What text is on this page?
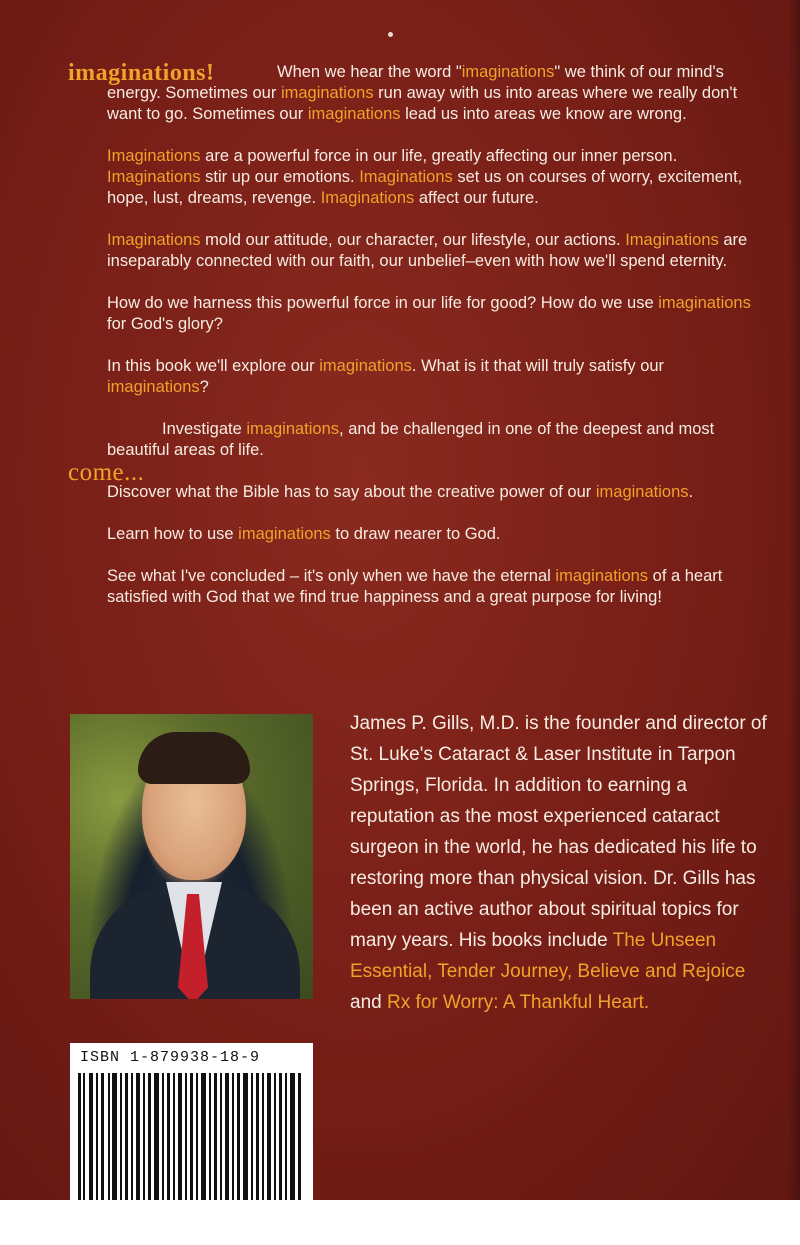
imaginations!
come...

When we hear the word "imaginations" we think of our mind's energy. Sometimes our imaginations run away with us into areas where we really don't want to go. Sometimes our imaginations lead us into areas we know are wrong.

Imaginations are a powerful force in our life, greatly affecting our inner person. Imaginations stir up our emotions. Imaginations set us on courses of worry, excitement, hope, lust, dreams, revenge. Imaginations affect our future.

Imaginations mold our attitude, our character, our lifestyle, our actions. Imaginations are inseparably connected with our faith, our unbelief–even with how we'll spend eternity.

How do we harness this powerful force in our life for good? How do we use imaginations for God's glory?

In this book we'll explore our imaginations. What is it that will truly satisfy our imaginations?

Investigate imaginations, and be challenged in one of the deepest and most beautiful areas of life.

Discover what the Bible has to say about the creative power of our imaginations.

Learn how to use imaginations to draw nearer to God.

See what I've concluded – it's only when we have the eternal imaginations of a heart satisfied with God that we find true happiness and a great purpose for living!

James P. Gills, M.D. is the founder and director of St. Luke's Cataract & Laser Institute in Tarpon Springs, Florida. In addition to earning a reputation as the most experienced cataract surgeon in the world, he has dedicated his life to restoring more than physical vision. Dr. Gills has been an active author about spiritual topics for many years. His books include The Unseen Essential, Tender Journey, Believe and Rejoice and Rx for Worry: A Thankful Heart.
ISBN 1-879938-18-9
